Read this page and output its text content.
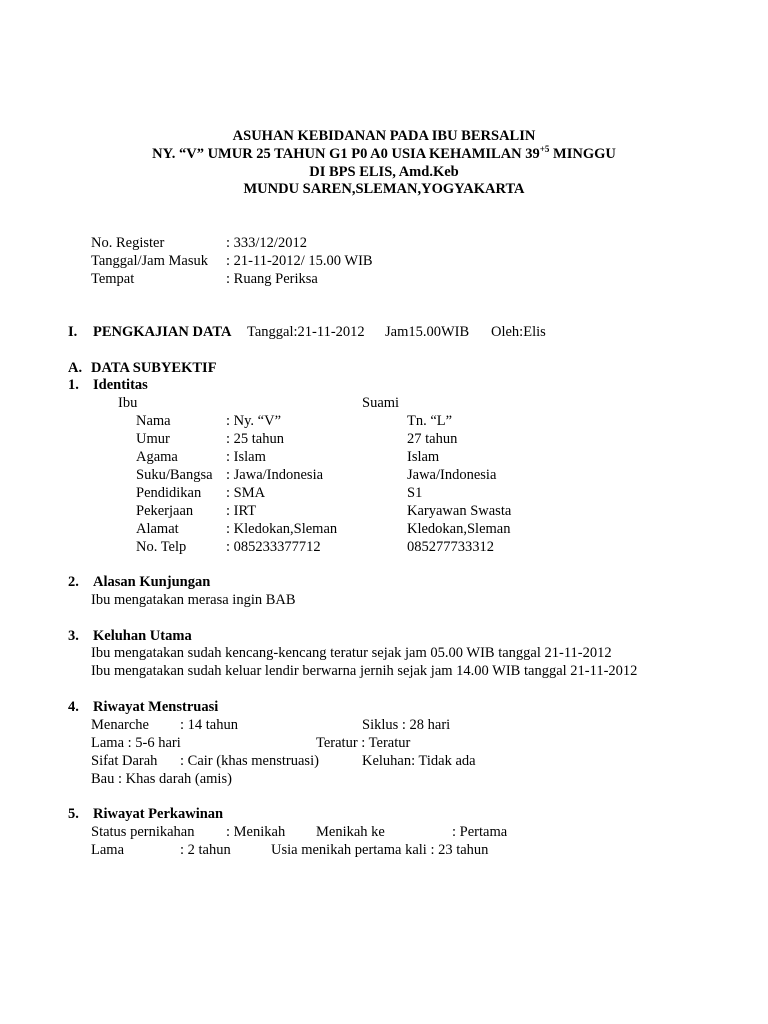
ASUHAN KEBIDANAN PADA IBU BERSALIN
NY. “V” UMUR 25 TAHUN G1 P0 A0 USIA KEHAMILAN $39^{+5}$ MINGGU
DI BPS ELIS, Amd.Keb
MUNDU SAREN,SLEMAN,YOGYAKARTA
No. Register	: 333/12/2012
Tanggal/Jam Masuk : 21-11-2012/ 15.00 WIB
Tempat	: Ruang Periksa
I. PENGKAJIAN DATA Tanggal:21-11-2012 Jam15.00WIB Oleh:Elis
A. DATA SUBYEKTIF
1. Identitas
Ibu	Suami
Nama	: Ny. “V”	Tn. “L”
Umur	: 25 tahun	27 tahun
Agama	: Islam	Islam
Suku/Bangsa : Jawa/Indonesia	Jawa/Indonesia
Pendidikan : SMA	S1
Pekerjaan : IRT	Karyawan Swasta
Alamat	: Kledokan,Sleman	Kledokan,Sleman
No. Telp	: 085233377712	085277733312
2. Alasan Kunjungan
Ibu mengatakan merasa ingin BAB
3. Keluhan Utama
Ibu mengatakan sudah kencang-kencang teratur sejak jam 05.00 WIB tanggal 21-11-2012
Ibu mengatakan sudah keluar lendir berwarna jernih sejak jam 14.00 WIB tanggal 21-11-2012
4. Riwayat Menstruasi
Menarche : 14 tahun	Siklus : 28 hari
Lama : 5-6 hari	Teratur : Teratur
Sifat Darah : Cair (khas menstruasi)	Keluhan: Tidak ada
Bau : Khas darah (amis)
5. Riwayat Perkawinan
Status pernikahan : Menikah Menikah ke	: Pertama
Lama	: 2 tahun	Usia menikah pertama kali : 23 tahun
